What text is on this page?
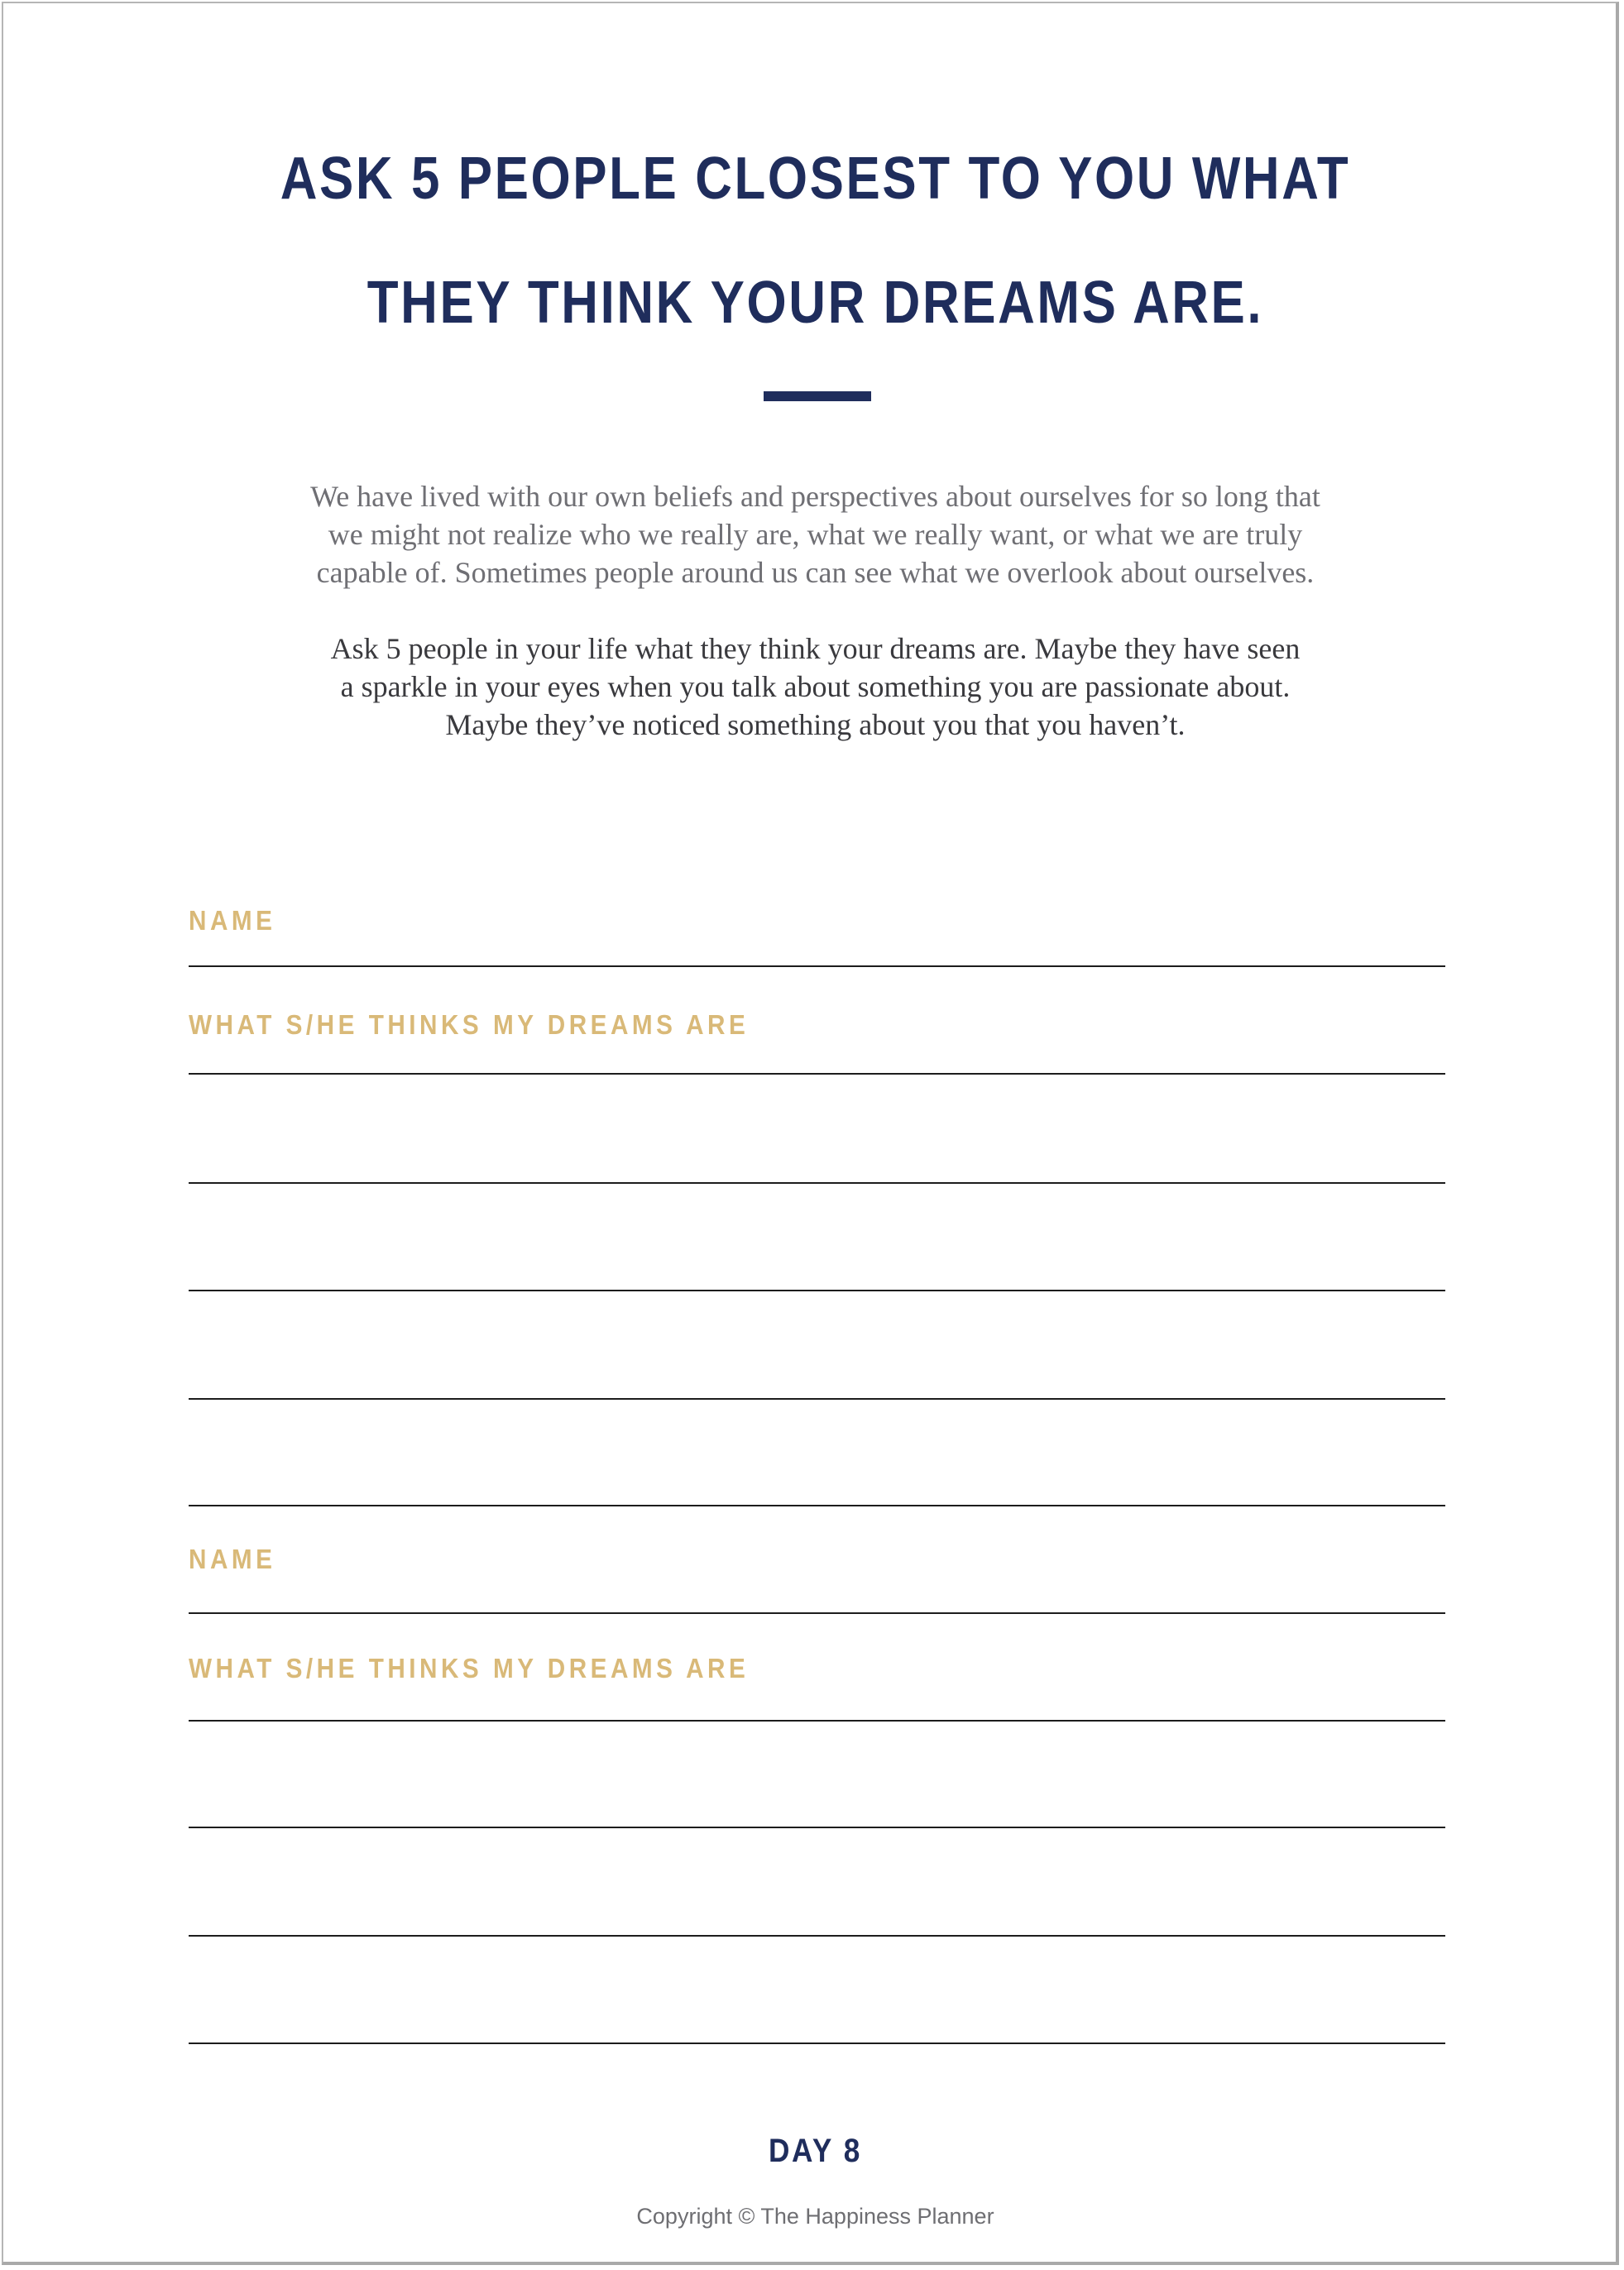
ASK 5 PEOPLE CLOSEST TO YOU WHAT
THEY THINK YOUR DREAMS ARE.
We have lived with our own beliefs and perspectives about ourselves for so long that
we might not realize who we really are, what we really want, or what we are truly
capable of. Sometimes people around us can see what we overlook about ourselves.
Ask 5 people in your life what they think your dreams are. Maybe they have seen
a sparkle in your eyes when you talk about something you are passionate about.
Maybe they’ve noticed something about you that you haven’t.
NAME
WHAT S/HE THINKS MY DREAMS ARE
NAME
WHAT S/HE THINKS MY DREAMS ARE
DAY 8
Copyright © The Happiness Planner
